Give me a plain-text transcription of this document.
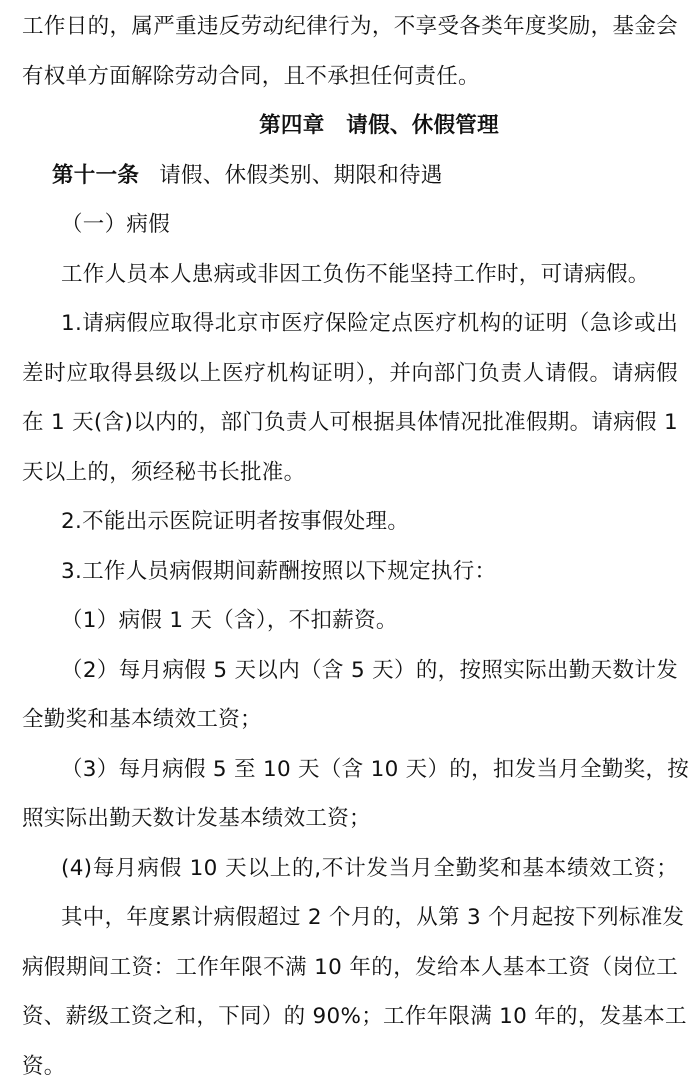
工作日的，属严重违反劳动纪律行为，不享受各类年度奖励，基金会
有权单方面解除劳动合同，且不承担任何责任。
第四章　请假、休假管理
第十一条 请假、休假类别、期限和待遇
（一）病假
工作人员本人患病或非因工负伤不能坚持工作时，可请病假。
1.请病假应取得北京市医疗保险定点医疗机构的证明（急诊或出
差时应取得县级以上医疗机构证明），并向部门负责人请假。请病假
在 1 天(含)以内的，部门负责人可根据具体情况批准假期。请病假 1
天以上的，须经秘书长批准。
2.不能出示医院证明者按事假处理。
3.工作人员病假期间薪酬按照以下规定执行：
（1）病假 1 天（含），不扣薪资。
（2）每月病假 5 天以内（含 5 天）的，按照实际出勤天数计发
全勤奖和基本绩效工资；
（3）每月病假 5 至 10 天（含 10 天）的，扣发当月全勤奖，按
照实际出勤天数计发基本绩效工资；
(4)每月病假 10 天以上的,不计发当月全勤奖和基本绩效工资；
其中，年度累计病假超过 2 个月的，从第 3 个月起按下列标准发
病假期间工资：工作年限不满 10 年的，发给本人基本工资（岗位工
资、薪级工资之和，下同）的 90%；工作年限满 10 年的，发基本工
资。
